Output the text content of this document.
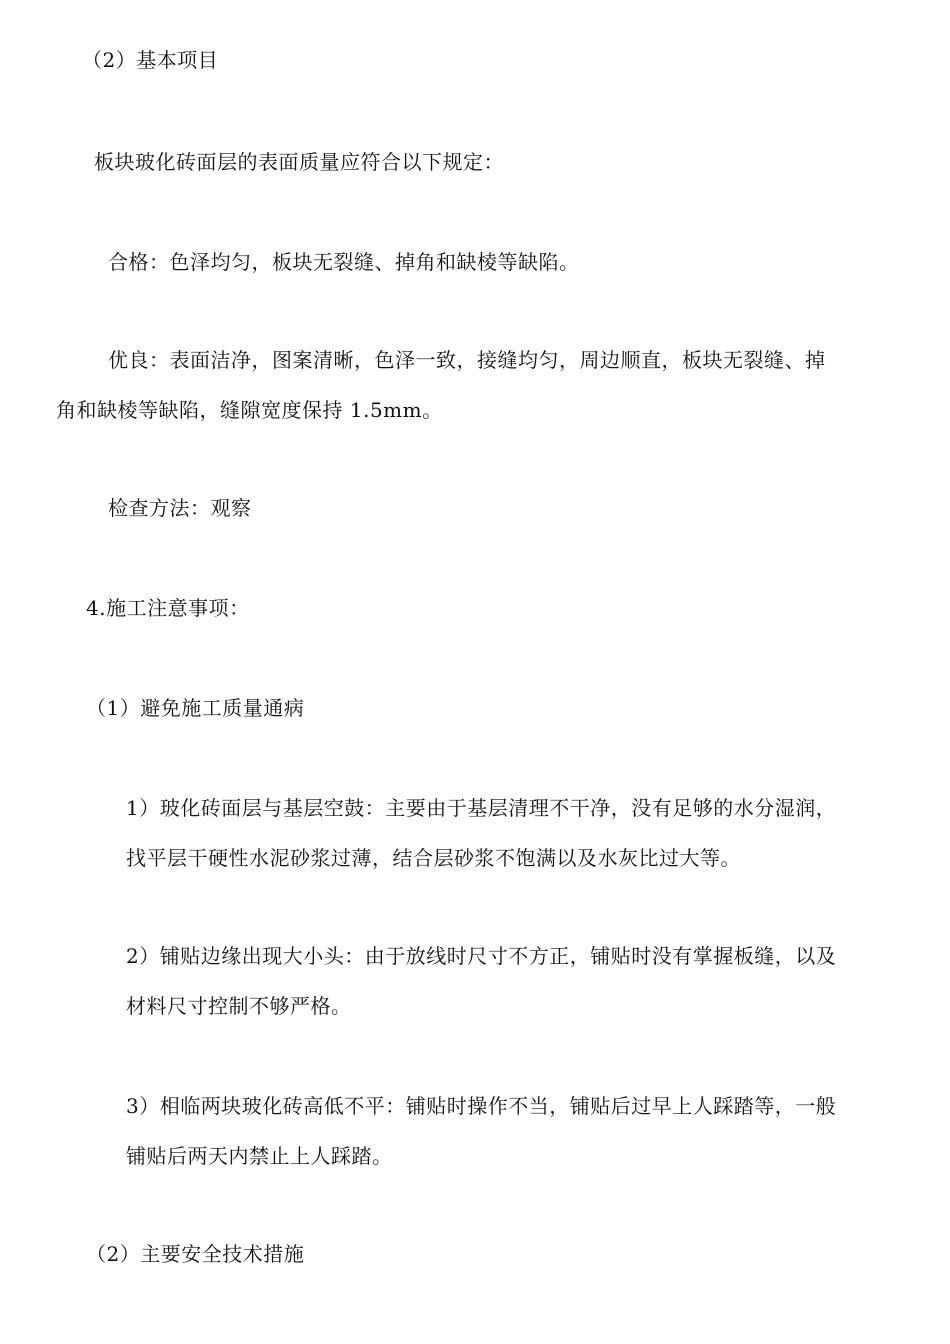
（2）基本项目
板块玻化砖面层的表面质量应符合以下规定：
合格：色泽均匀，板块无裂缝、掉角和缺棱等缺陷。
优良：表面洁净，图案清晰，色泽一致，接缝均匀，周边顺直，板块无裂缝、掉
角和缺棱等缺陷，缝隙宽度保持 1.5mm。
检查方法：观察
4.施工注意事项：
（1）避免施工质量通病
1）玻化砖面层与基层空鼓：主要由于基层清理不干净，没有足够的水分湿润，
找平层干硬性水泥砂浆过薄，结合层砂浆不饱满以及水灰比过大等。
2）铺贴边缘出现大小头：由于放线时尺寸不方正，铺贴时没有掌握板缝，以及
材料尺寸控制不够严格。
3）相临两块玻化砖高低不平：铺贴时操作不当，铺贴后过早上人踩踏等，一般
铺贴后两天内禁止上人踩踏。
（2）主要安全技术措施
